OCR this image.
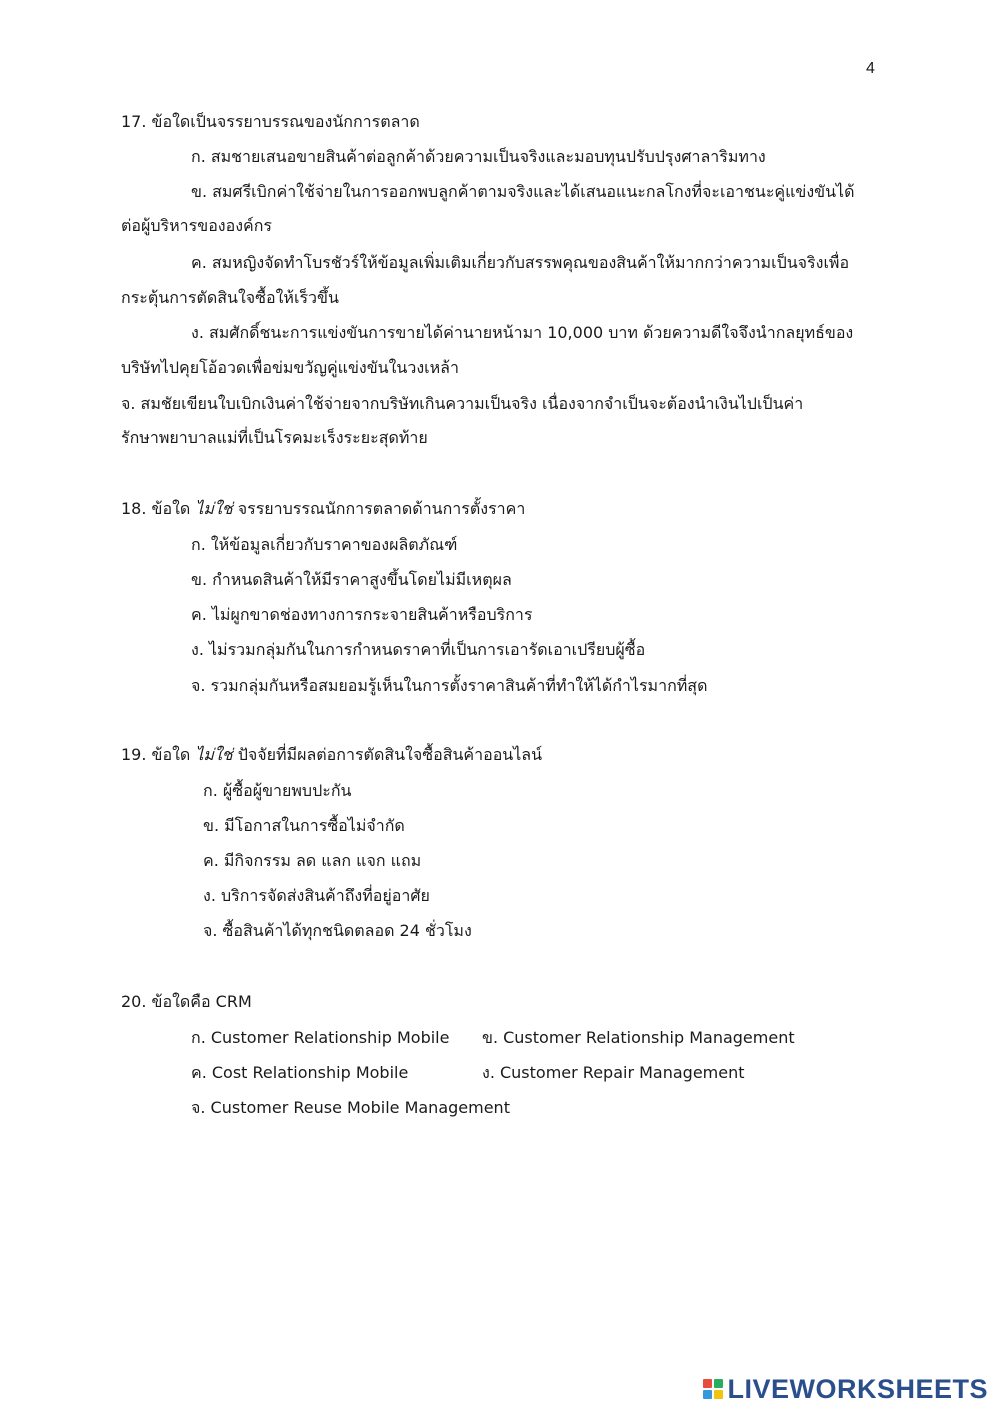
4
17. ข้อใดเป็นจรรยาบรรณของนักการตลาด
ก. สมชายเสนอขายสินค้าต่อลูกค้าด้วยความเป็นจริงและมอบทุนปรับปรุงศาลาริมทาง
ข. สมศรีเบิกค่าใช้จ่ายในการออกพบลูกค้าตามจริงและได้เสนอแนะกลโกงที่จะเอาชนะคู่แข่งขันได้
ต่อผู้บริหารขององค์กร
ค. สมหญิงจัดทำโบรชัวร์ให้ข้อมูลเพิ่มเติมเกี่ยวกับสรรพคุณของสินค้าให้มากกว่าความเป็นจริงเพื่อ
กระตุ้นการตัดสินใจซื้อให้เร็วขึ้น
ง. สมศักดิ์ชนะการแข่งขันการขายได้ค่านายหน้ามา 10,000 บาท ด้วยความดีใจจึงนำกลยุทธ์ของ
บริษัทไปคุยโอ้อวดเพื่อข่มขวัญคู่แข่งขันในวงเหล้า
จ. สมชัยเขียนใบเบิกเงินค่าใช้จ่ายจากบริษัทเกินความเป็นจริง เนื่องจากจำเป็นจะต้องนำเงินไปเป็นค่า
รักษาพยาบาลแม่ที่เป็นโรคมะเร็งระยะสุดท้าย
18. ข้อใด ไม่ใช่ จรรยาบรรณนักการตลาดด้านการตั้งราคา
ก. ให้ข้อมูลเกี่ยวกับราคาของผลิตภัณฑ์
ข. กำหนดสินค้าให้มีราคาสูงขึ้นโดยไม่มีเหตุผล
ค. ไม่ผูกขาดช่องทางการกระจายสินค้าหรือบริการ
ง. ไม่รวมกลุ่มกันในการกำหนดราคาที่เป็นการเอารัดเอาเปรียบผู้ซื้อ
จ. รวมกลุ่มกันหรือสมยอมรู้เห็นในการตั้งราคาสินค้าที่ทำให้ได้กำไรมากที่สุด
19. ข้อใด ไม่ใช่ ปัจจัยที่มีผลต่อการตัดสินใจซื้อสินค้าออนไลน์
ก. ผู้ซื้อผู้ขายพบปะกัน
ข. มีโอกาสในการซื้อไม่จำกัด
ค. มีกิจกรรม ลด แลก แจก แถม
ง. บริการจัดส่งสินค้าถึงที่อยู่อาศัย
จ. ซื้อสินค้าได้ทุกชนิดตลอด 24 ชั่วโมง
20. ข้อใดคือ CRM
ก. Customer Relationship Mobile ข. Customer Relationship Management
ค. Cost Relationship Mobile	ง. Customer Repair Management
จ. Customer Reuse Mobile Management
LIVEWORKSHEETS
